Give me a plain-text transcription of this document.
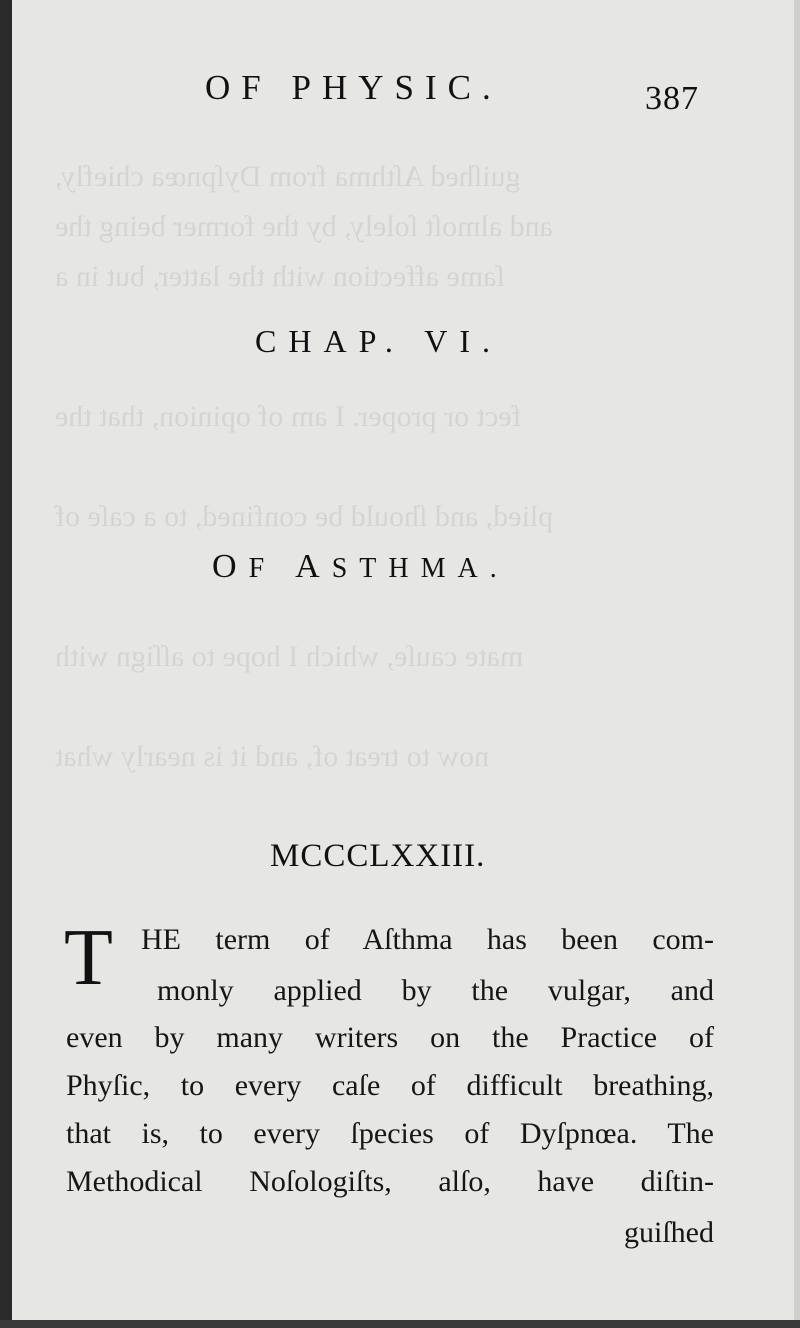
guiſhed Aſthma from Dyſpnœa chiefly,
and almoſt ſolely, by the former being the
ſame affection with the latter, but in a
fect or proper. I am of opinion, that the
plied, and ſhould be confined, to a caſe of
mate cauſe, which I hope to aſſign with
now to treat of, and it is nearly what
OF PHYSIC.	387
CHAP. VI.
OF ASTHMA.
MCCCLXXIII.
T HE term of Aſthma has been com-
monly applied by the vulgar, and
even by many writers on the Practice of
Phyſic, to every caſe of difficult breathing,
that is, to every ſpecies of Dyſpnœa. The
Methodical Noſologiſts, alſo, have diſtin-
guiſhed
